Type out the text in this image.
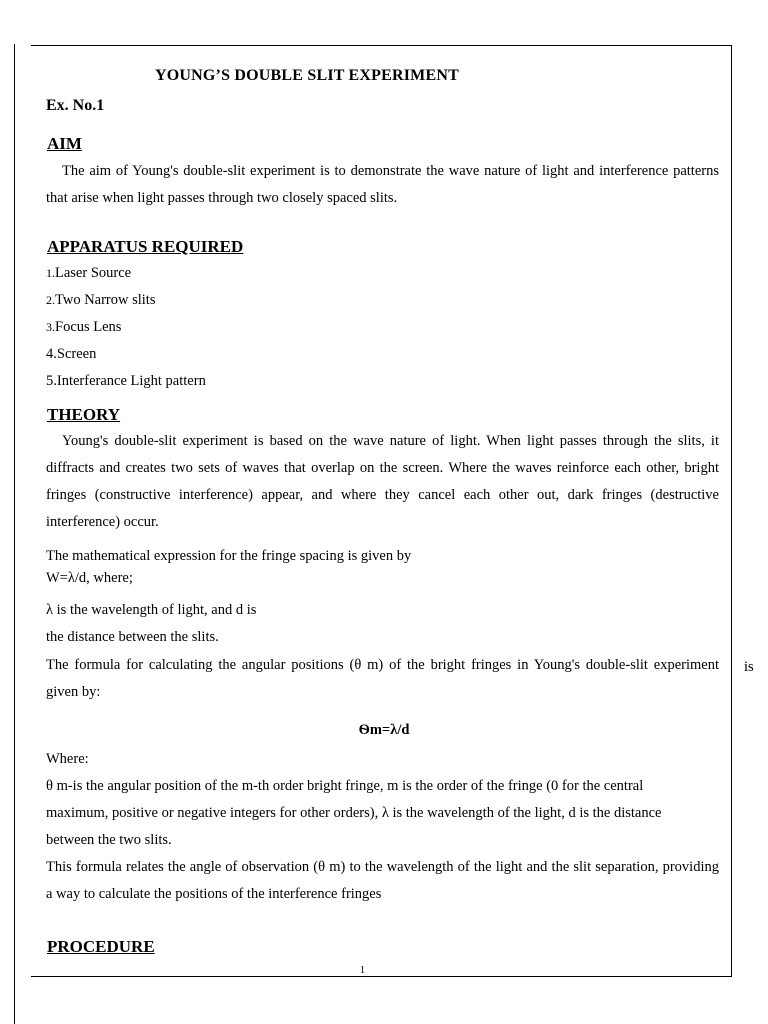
YOUNG’S DOUBLE SLIT EXPERIMENT
Ex. No.1
AIM
The aim of Young's double-slit experiment is to demonstrate the wave nature of light and interference patterns that arise when light passes through two closely spaced slits.
APPARATUS REQUIRED
1.Laser Source
2.Two Narrow slits
3.Focus Lens
4.Screen
5.Interferance Light pattern
THEORY
Young's double-slit experiment is based on the wave nature of light. When light passes through the slits, it diffracts and creates two sets of waves that overlap on the screen. Where the waves reinforce each other, bright fringes (constructive interference) appear, and where they cancel each other out, dark fringes (destructive interference) occur.
The mathematical expression for the fringe spacing is given by
W=λ/d, where;
λ is the wavelength of light, and d is
the distance between the slits.
The formula for calculating the angular positions (θ m) of the bright fringes in Young's double-slit experiment is
given by:
Ѳm=λ/d
Where:
θ m-is the angular position of the m-th order bright fringe, m is the order of the fringe (0 for the central maximum, positive or negative integers for other orders), λ is the wavelength of the light, d is the distance between the two slits.
This formula relates the angle of observation (θ m) to the wavelength of the light and the slit separation, providing a way to calculate the positions of the interference fringes
PROCEDURE
1
